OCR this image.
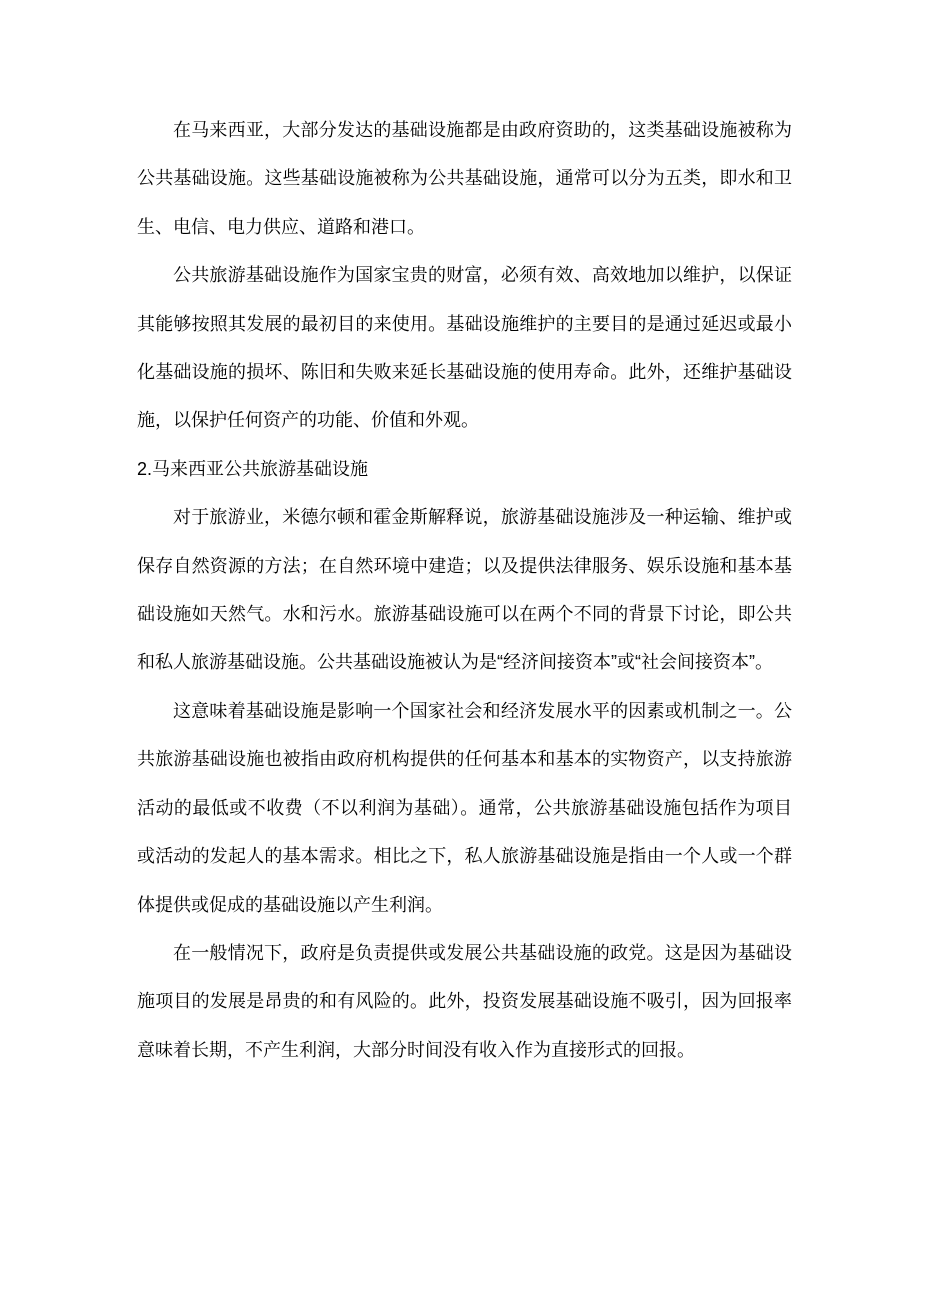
在马来西亚，大部分发达的基础设施都是由政府资助的，这类基础设施被称为公共基础设施。这些基础设施被称为公共基础设施，通常可以分为五类，即水和卫生、电信、电力供应、道路和港口。

公共旅游基础设施作为国家宝贵的财富，必须有效、高效地加以维护，以保证其能够按照其发展的最初目的来使用。基础设施维护的主要目的是通过延迟或最小化基础设施的损坏、陈旧和失败来延长基础设施的使用寿命。此外，还维护基础设施，以保护任何资产的功能、价值和外观。

2.马来西亚公共旅游基础设施

对于旅游业，米德尔顿和霍金斯解释说，旅游基础设施涉及一种运输、维护或保存自然资源的方法；在自然环境中建造；以及提供法律服务、娱乐设施和基本基础设施如天然气。水和污水。旅游基础设施可以在两个不同的背景下讨论，即公共和私人旅游基础设施。公共基础设施被认为是“经济间接资本”或“社会间接资本”。

这意味着基础设施是影响一个国家社会和经济发展水平的因素或机制之一。公共旅游基础设施也被指由政府机构提供的任何基本和基本的实物资产，以支持旅游活动的最低或不收费（不以利润为基础）。通常，公共旅游基础设施包括作为项目或活动的发起人的基本需求。相比之下，私人旅游基础设施是指由一个人或一个群体提供或促成的基础设施以产生利润。

在一般情况下，政府是负责提供或发展公共基础设施的政党。这是因为基础设施项目的发展是昂贵的和有风险的。此外，投资发展基础设施不吸引，因为回报率意味着长期，不产生利润，大部分时间没有收入作为直接形式的回报。
